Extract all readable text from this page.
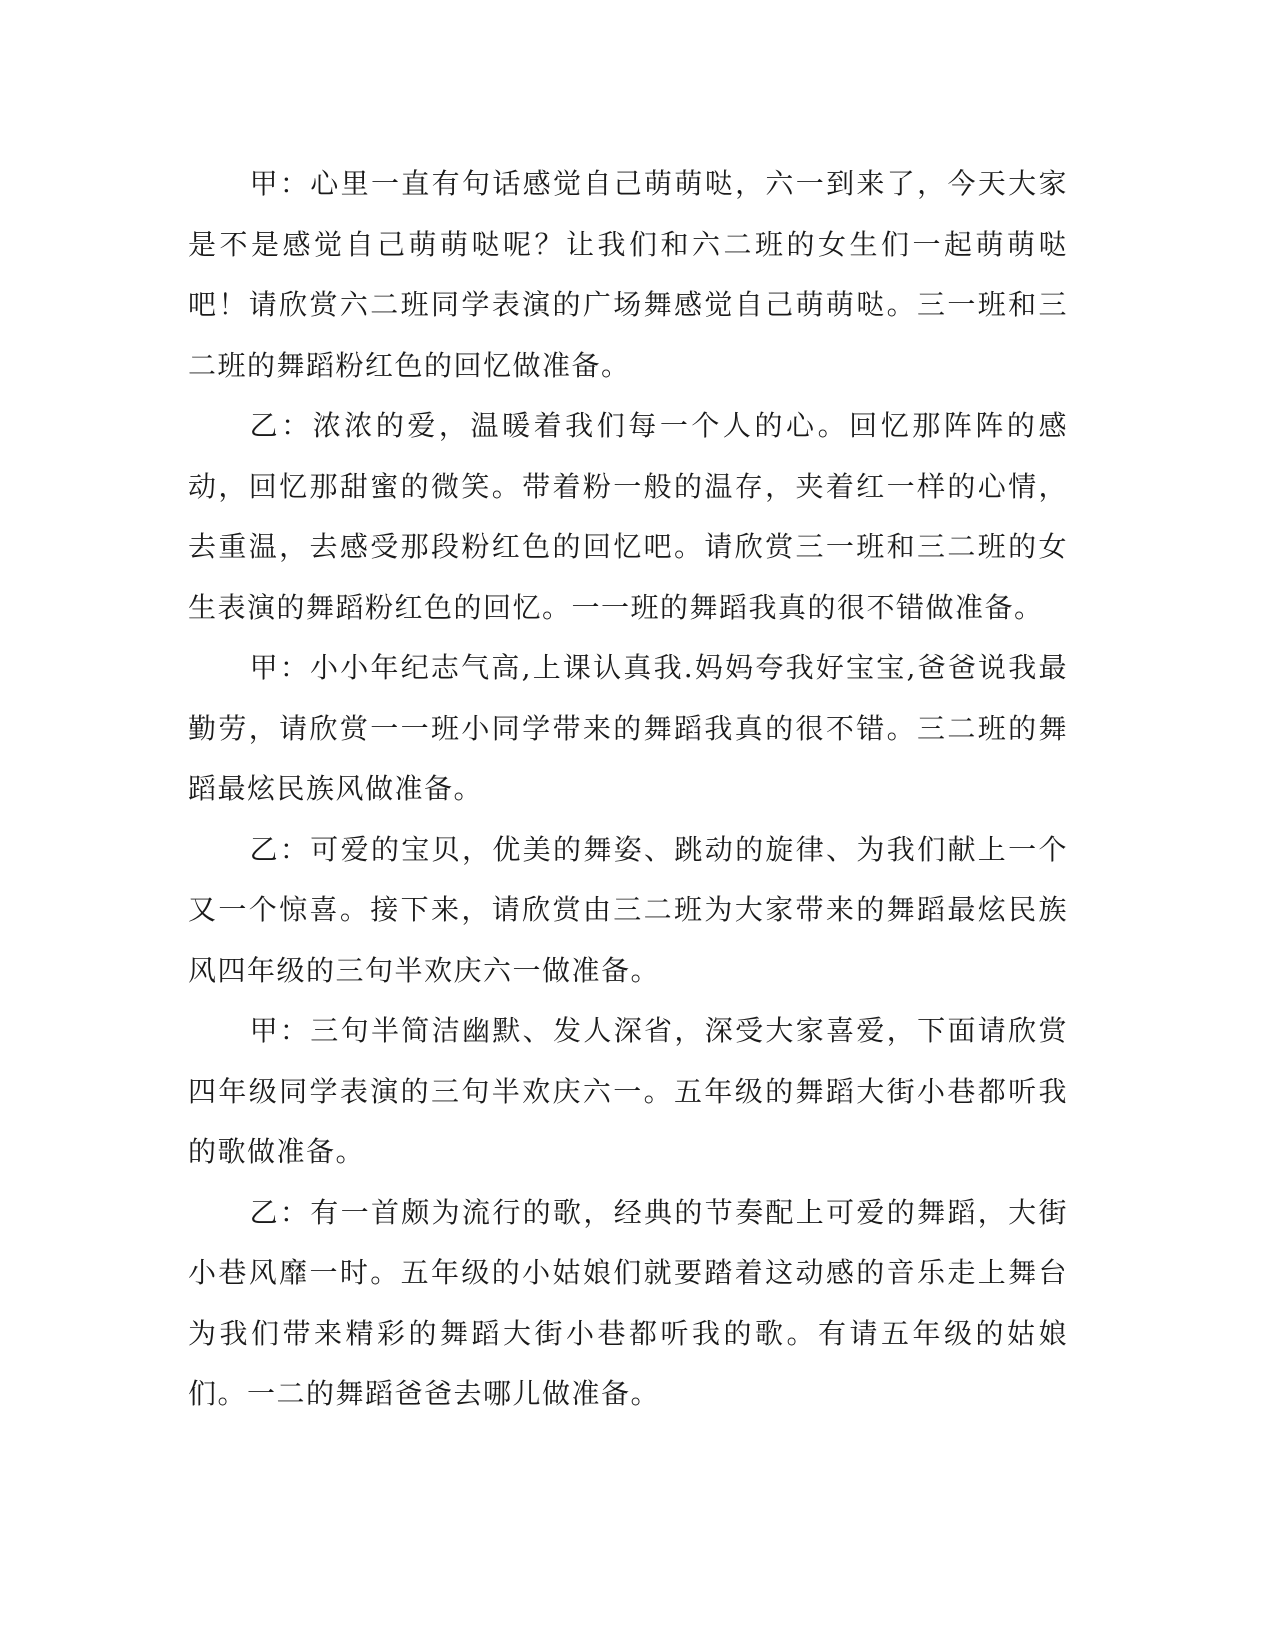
甲：心里一直有句话感觉自己萌萌哒，六一到来了，今天大家是不是感觉自己萌萌哒呢？让我们和六二班的女生们一起萌萌哒吧！请欣赏六二班同学表演的广场舞感觉自己萌萌哒。三一班和三二班的舞蹈粉红色的回忆做准备。

乙：浓浓的爱，温暖着我们每一个人的心。回忆那阵阵的感动，回忆那甜蜜的微笑。带着粉一般的温存，夹着红一样的心情，去重温，去感受那段粉红色的回忆吧。请欣赏三一班和三二班的女生表演的舞蹈粉红色的回忆。一一班的舞蹈我真的很不错做准备。

甲：小小年纪志气高,上课认真我.妈妈夸我好宝宝,爸爸说我最勤劳，请欣赏一一班小同学带来的舞蹈我真的很不错。三二班的舞蹈最炫民族风做准备。

乙：可爱的宝贝，优美的舞姿、跳动的旋律、为我们献上一个又一个惊喜。接下来，请欣赏由三二班为大家带来的舞蹈最炫民族风四年级的三句半欢庆六一做准备。

甲：三句半简洁幽默、发人深省，深受大家喜爱，下面请欣赏四年级同学表演的三句半欢庆六一。五年级的舞蹈大街小巷都听我的歌做准备。

乙：有一首颇为流行的歌，经典的节奏配上可爱的舞蹈，大街小巷风靡一时。五年级的小姑娘们就要踏着这动感的音乐走上舞台为我们带来精彩的舞蹈大街小巷都听我的歌。有请五年级的姑娘们。一二的舞蹈爸爸去哪儿做准备。
